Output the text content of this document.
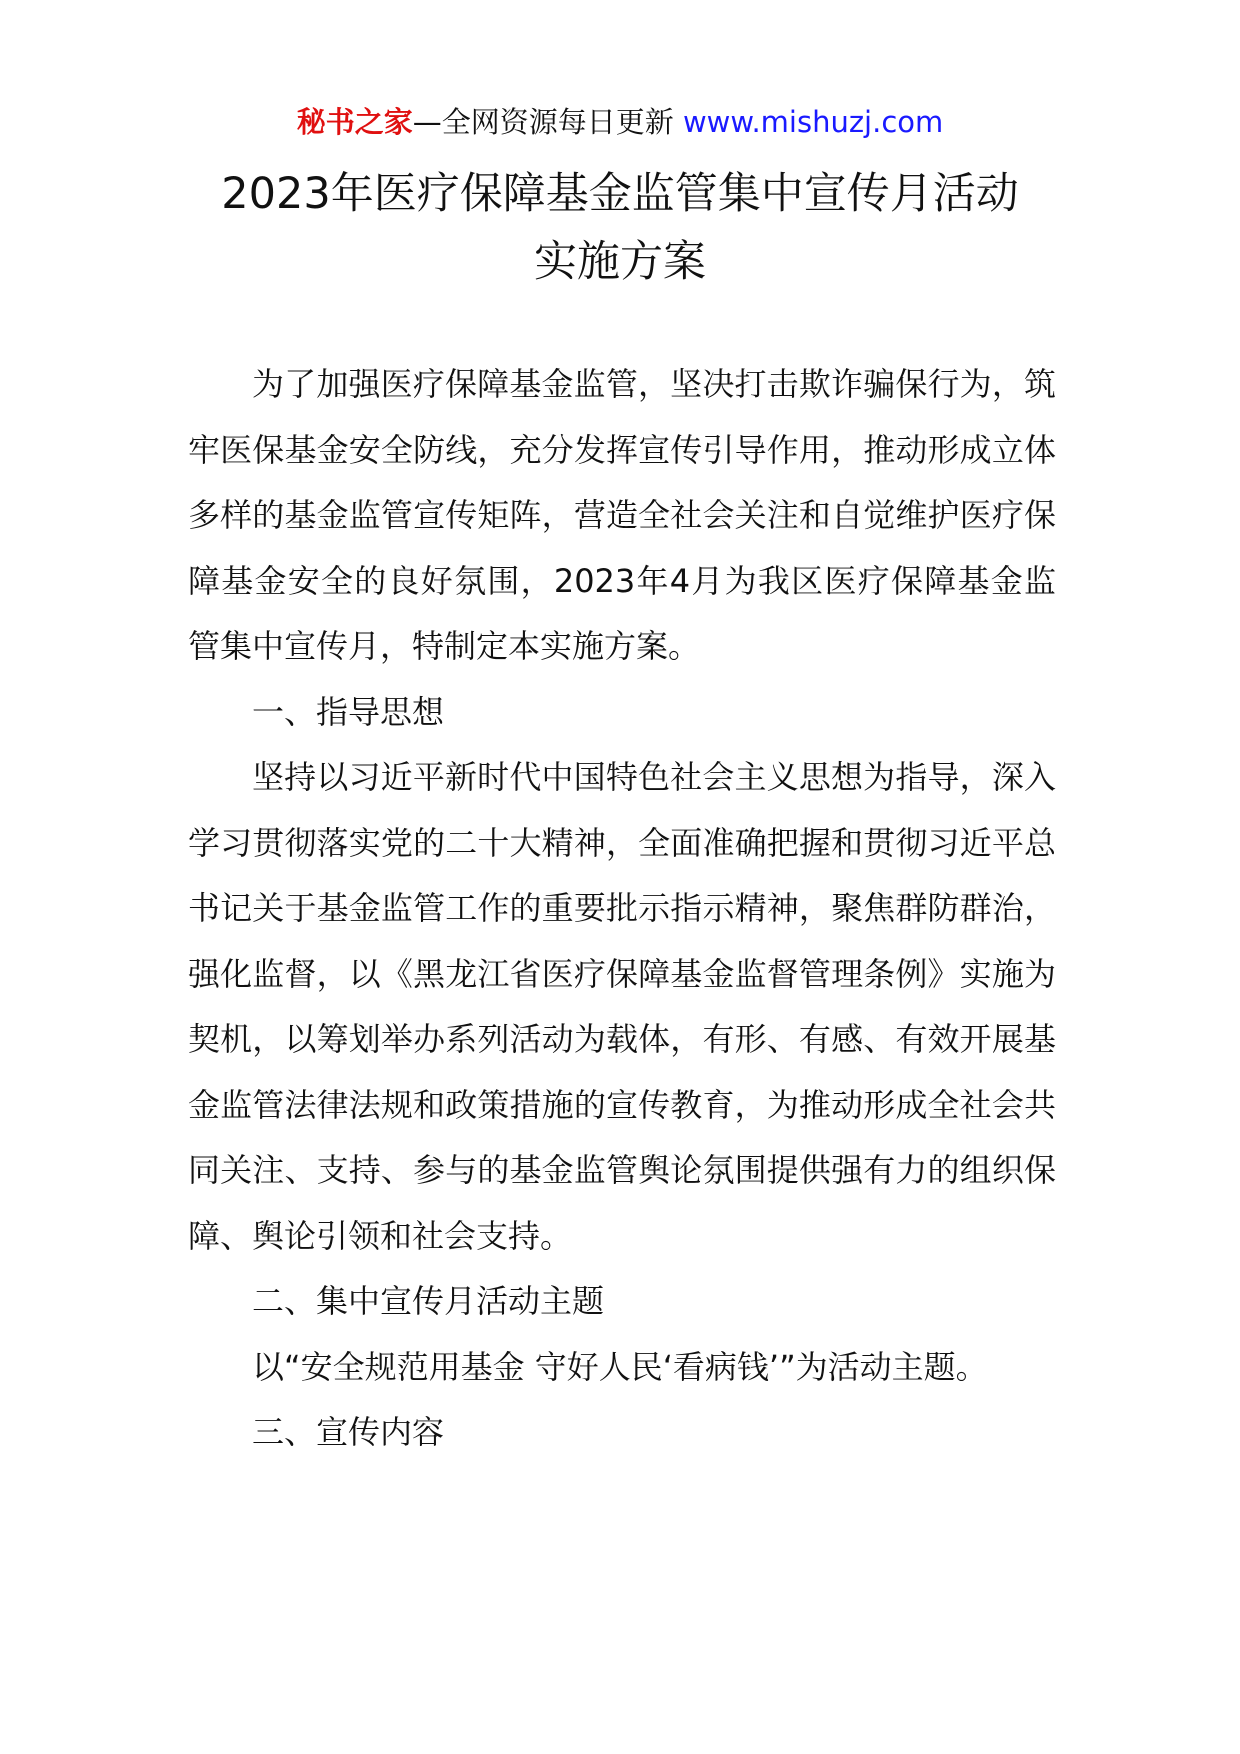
秘书之家—全网资源每日更新 www.mishuzj.com
2023年医疗保障基金监管集中宣传月活动
实施方案

为了加强医疗保障基金监管，坚决打击欺诈骗保行为，筑牢医保基金安全防线，充分发挥宣传引导作用，推动形成立体多样的基金监管宣传矩阵，营造全社会关注和自觉维护医疗保障基金安全的良好氛围，2023年4月为我区医疗保障基金监管集中宣传月，特制定本实施方案。

一、指导思想

坚持以习近平新时代中国特色社会主义思想为指导，深入学习贯彻落实党的二十大精神，全面准确把握和贯彻习近平总书记关于基金监管工作的重要批示指示精神，聚焦群防群治，强化监督，以《黑龙江省医疗保障基金监督管理条例》实施为契机，以筹划举办系列活动为载体，有形、有感、有效开展基金监管法律法规和政策措施的宣传教育，为推动形成全社会共同关注、支持、参与的基金监管舆论氛围提供强有力的组织保障、舆论引领和社会支持。

二、集中宣传月活动主题

以“安全规范用基金 守好人民‘看病钱’”为活动主题。

三、宣传内容
